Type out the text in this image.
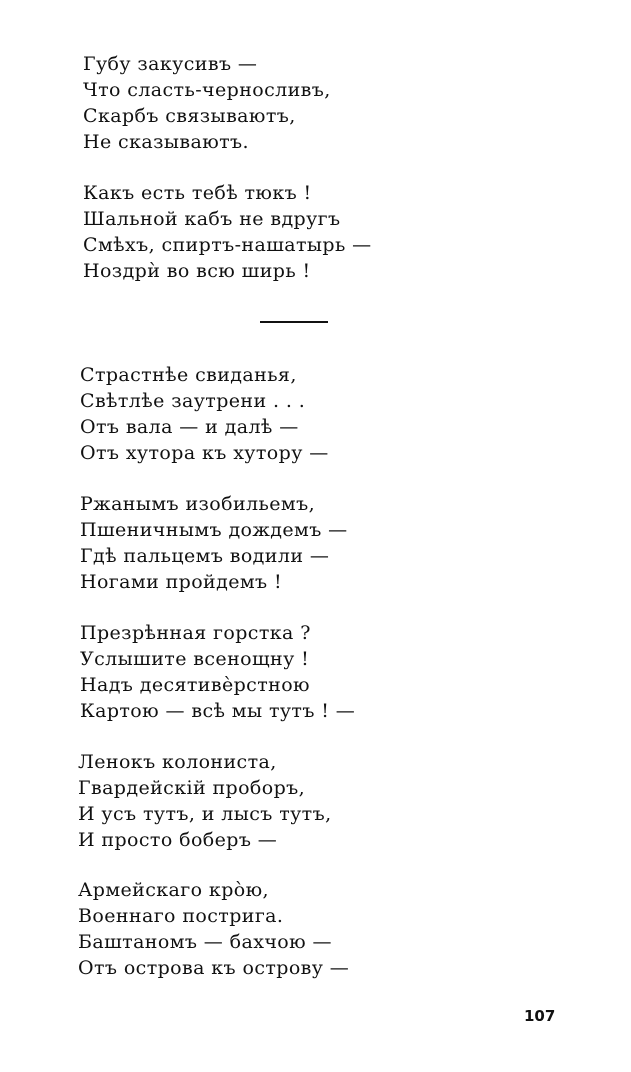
Губу закусивъ —
Что сласть-черносливъ,
Скарбъ связываютъ,
Не сказываютъ.
Какъ есть тебѣ тюкъ !
Шальной кабъ не вдругъ
Смѣхъ, спиртъ-нашатырь —
Ноздрѝ во всю ширь !
Страстнѣе свиданья,
Свѣтлѣе заутрени . . .
Отъ вала — и далѣ —
Отъ хутора къ хутору —
Ржанымъ изобильемъ,
Пшеничнымъ дождемъ —
Гдѣ пальцемъ водили —
Ногами пройдемъ !
Презрѣнная горстка ?
Услышите всенощну !
Надъ десятивѐрстною
Картою — всѣ мы тутъ ! —
Ленокъ колониста,
Гвардейскій проборъ,
И усъ тутъ, и лысъ тутъ,
И просто боберъ —
Армейскаго крòю,
Военнаго пострига.
Баштаномъ — бахчою —
Отъ острова къ острову —
107
